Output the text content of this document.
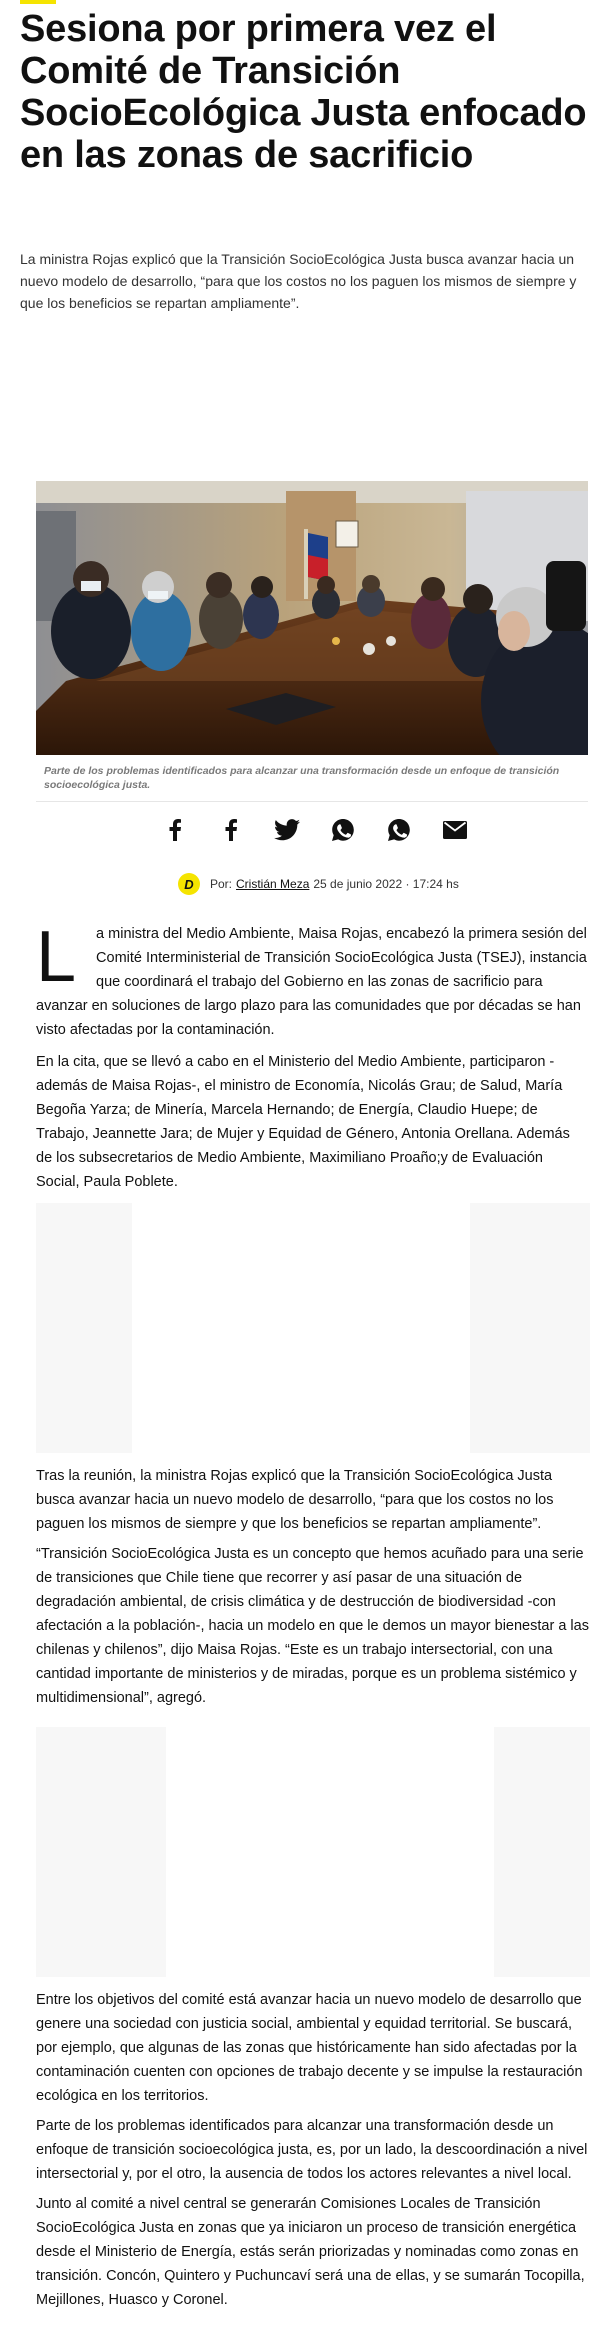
Sesiona por primera vez el Comité de Transición SocioEcológica Justa enfocado en las zonas de sacrificio

La ministra Rojas explicó que la Transición SocioEcológica Justa busca avanzar hacia un nuevo modelo de desarrollo, “para que los costos no los paguen los mismos de siempre y que los beneficios se repartan ampliamente”.

Parte de los problemas identificados para alcanzar una transformación desde un enfoque de transición socioecológica justa.

D	Por: Cristián Meza 25 de junio 2022 · 17:24 hs

L a ministra del Medio Ambiente, Maisa Rojas, encabezó la primera sesión del Comité Interministerial de Transición SocioEcológica Justa (TSEJ), instancia que coordinará el trabajo del Gobierno en las zonas de sacrificio para avanzar en soluciones de largo plazo para las comunidades que por décadas se han visto afectadas por la contaminación.

En la cita, que se llevó a cabo en el Ministerio del Medio Ambiente, participaron -además de Maisa Rojas-, el ministro de Economía, Nicolás Grau; de Salud, María Begoña Yarza; de Minería, Marcela Hernando; de Energía, Claudio Huepe; de Trabajo, Jeannette Jara; de Mujer y Equidad de Género, Antonia Orellana. Además de los subsecretarios de Medio Ambiente, Maximiliano Proaño;y de Evaluación Social, Paula Poblete.

Tras la reunión, la ministra Rojas explicó que la Transición SocioEcológica Justa busca avanzar hacia un nuevo modelo de desarrollo, “para que los costos no los paguen los mismos de siempre y que los beneficios se repartan ampliamente”.

“Transición SocioEcológica Justa es un concepto que hemos acuñado para una serie de transiciones que Chile tiene que recorrer y así pasar de una situación de degradación ambiental, de crisis climática y de destrucción de biodiversidad -con afectación a la población-, hacia un modelo en que le demos un mayor bienestar a las chilenas y chilenos”, dijo Maisa Rojas. “Este es un trabajo intersectorial, con una cantidad importante de ministerios y de miradas, porque es un problema sistémico y multidimensional”, agregó.

Entre los objetivos del comité está avanzar hacia un nuevo modelo de desarrollo que genere una sociedad con justicia social, ambiental y equidad territorial. Se buscará, por ejemplo, que algunas de las zonas que históricamente han sido afectadas por la contaminación cuenten con opciones de trabajo decente y se impulse la restauración ecológica en los territorios.

Parte de los problemas identificados para alcanzar una transformación desde un enfoque de transición socioecológica justa, es, por un lado, la descoordinación a nivel intersectorial y, por el otro, la ausencia de todos los actores relevantes a nivel local.

Junto al comité a nivel central se generarán Comisiones Locales de Transición SocioEcológica Justa en zonas que ya iniciaron un proceso de transición energética desde el Ministerio de Energía, estás serán priorizadas y nominadas como zonas en transición. Concón, Quintero y Puchuncaví será una de ellas, y se sumarán Tocopilla, Mejillones, Huasco y Coronel.
